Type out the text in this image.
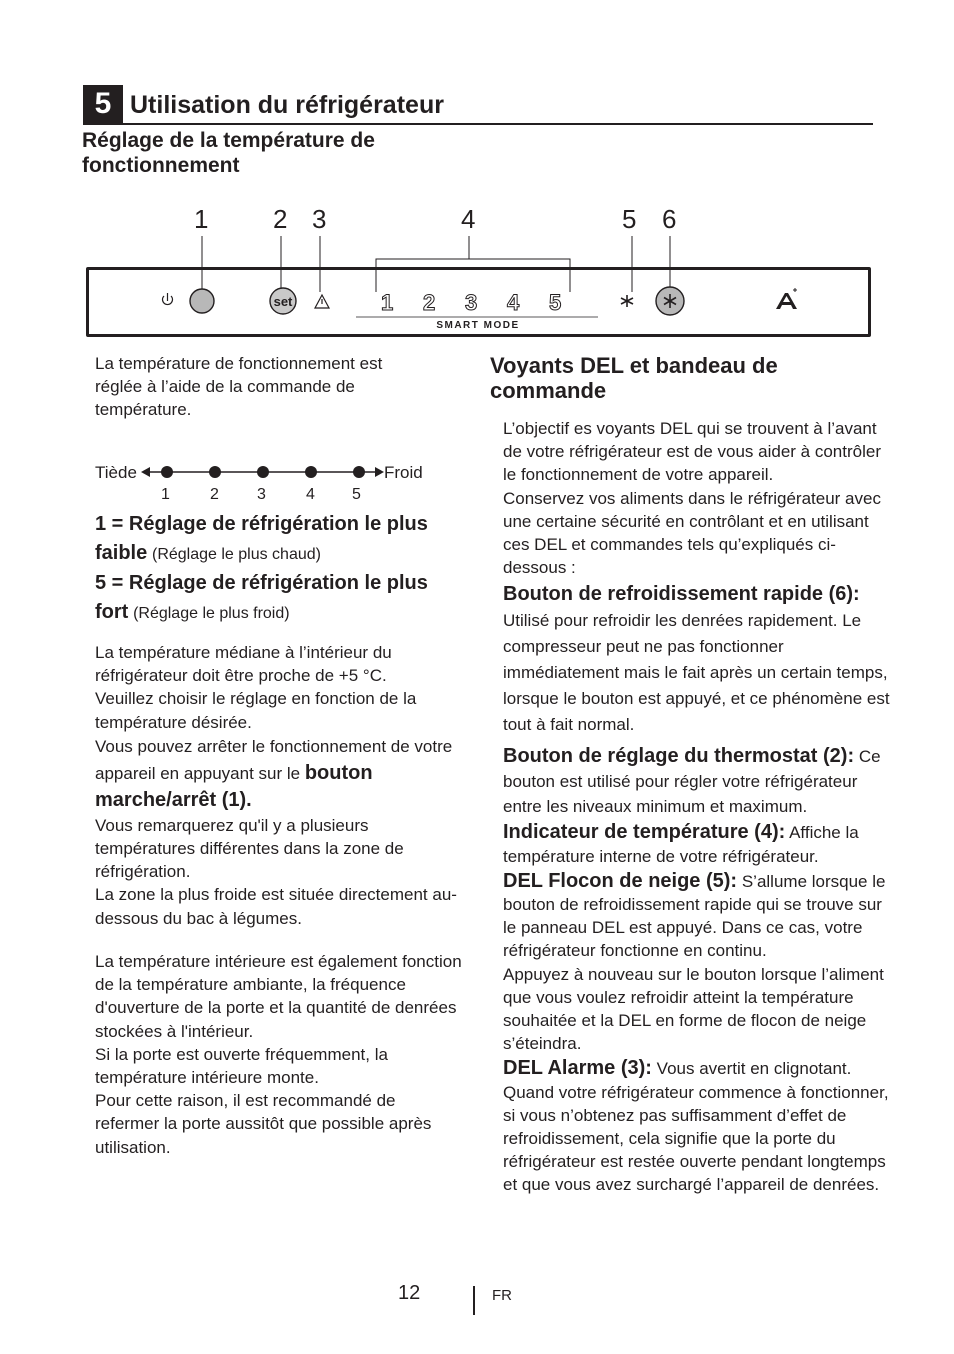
5 Utilisation du réfrigérateur
Réglage de la température de fonctionnement
1 2 3	4	5 6
set	1 2 3 4 5
SMART MODE

La température de fonctionnement est réglée à l’aide de la commande de température.

Tiède	Froid
1	2 3	4 5

1 = Réglage de réfrigération le plus faible (Réglage le plus chaud)

5 = Réglage de réfrigération le plus fort (Réglage le plus froid)

La température médiane à l’intérieur du réfrigérateur doit être proche de +5 °C.

Veuillez choisir le réglage en fonction de la température désirée.

Vous pouvez arrêter le fonctionnement de votre appareil en appuyant sur le bouton marche/arrêt (1).

Vous remarquerez qu'il y a plusieurs températures différentes dans la zone de réfrigération.

La zone la plus froide est située directement au-dessous du bac à légumes.

La température intérieure est également fonction de la température ambiante, la fréquence d'ouverture de la porte et la quantité de denrées stockées à l'intérieur.

Si la porte est ouverte fréquemment, la température intérieure monte.

Pour cette raison, il est recommandé de refermer la porte aussitôt que possible après utilisation.

Voyants DEL et bandeau de commande

L’objectif es voyants DEL qui se trouvent à l’avant de votre réfrigérateur est de vous aider à contrôler le fonctionnement de votre appareil.

Conservez vos aliments dans le réfrigérateur avec une certaine sécurité en contrôlant et en utilisant ces DEL et commandes tels qu’expliqués ci-dessous :

Bouton de refroidissement rapide (6): Utilisé pour refroidir les denrées rapidement. Le compresseur peut ne pas fonctionner immédiatement mais le fait après un certain temps, lorsque le bouton est appuyé, et ce phénomène est tout à fait normal.

Bouton de réglage du thermostat (2): Ce bouton est utilisé pour régler votre réfrigérateur entre les niveaux minimum et maximum.

Indicateur de température (4): Affiche la température interne de votre réfrigérateur.

DEL Flocon de neige (5): S’allume lorsque le bouton de refroidissement rapide qui se trouve sur le panneau DEL est appuyé. Dans ce cas, votre réfrigérateur fonctionne en continu.

Appuyez à nouveau sur le bouton lorsque l’aliment que vous voulez refroidir atteint la température souhaitée et la DEL en forme de flocon de neige s’éteindra.

DEL Alarme (3): Vous avertit en clignotant. Quand votre réfrigérateur commence à fonctionner, si vous n’obtenez pas suffisamment d’effet de refroidissement, cela signifie que la porte du réfrigérateur est restée ouverte pendant longtemps et que vous avez surchargé l’appareil de denrées.

12	FR
